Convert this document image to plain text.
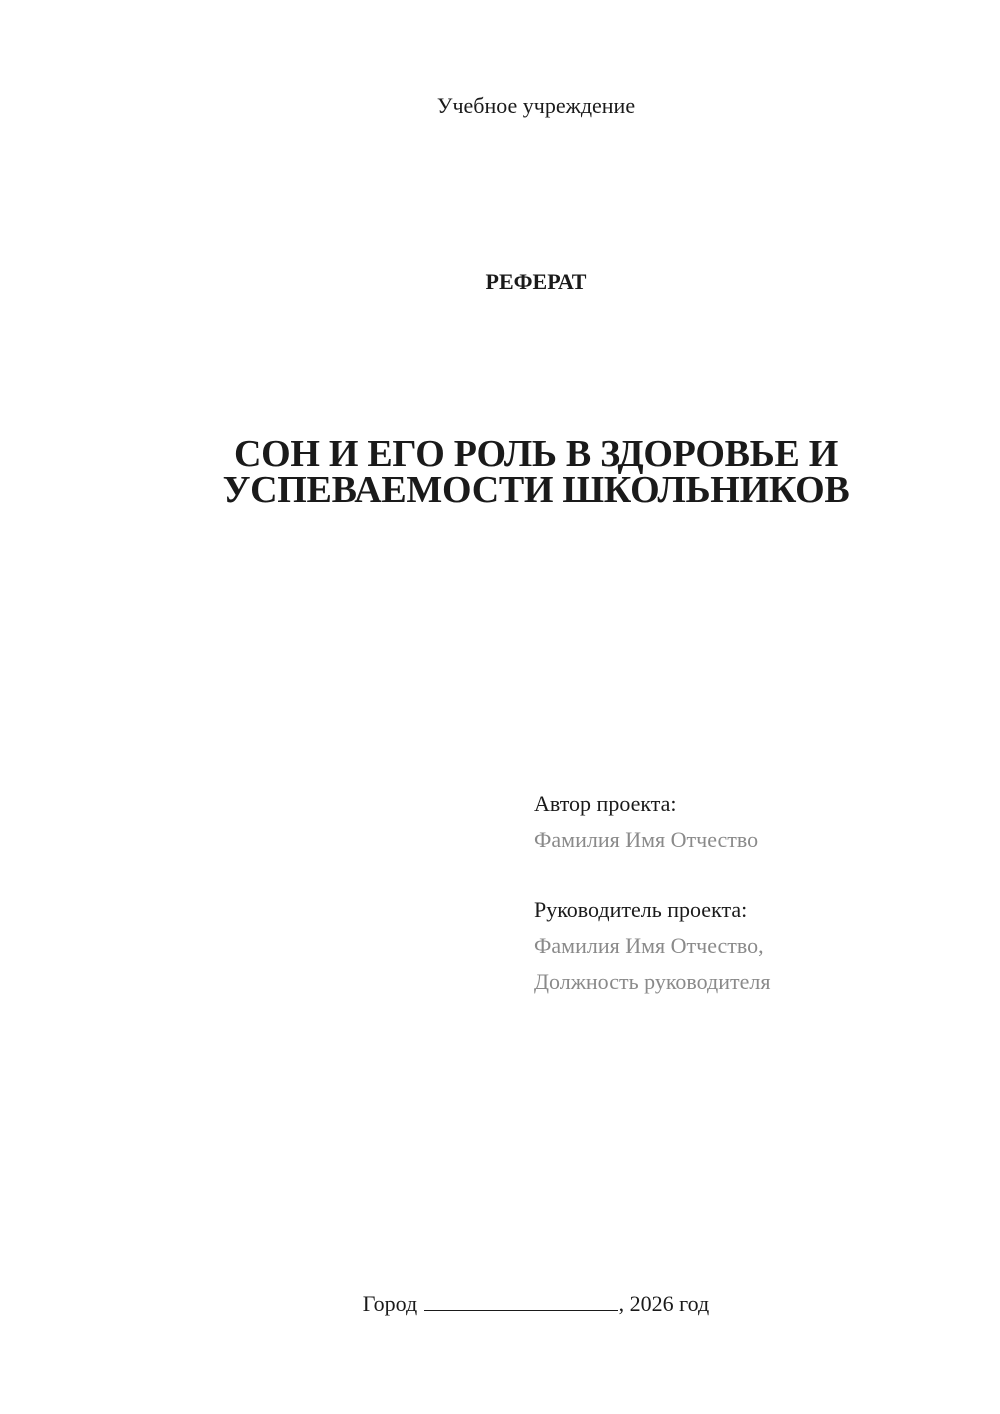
Учебное учреждение
РЕФЕРАТ
СОН И ЕГО РОЛЬ В ЗДОРОВЬЕ И
УСПЕВАЕМОСТИ ШКОЛЬНИКОВ
Автор проекта:
Фамилия Имя Отчество
Руководитель проекта:
Фамилия Имя Отчество,
Должность руководителя
Город	, 2026 год
